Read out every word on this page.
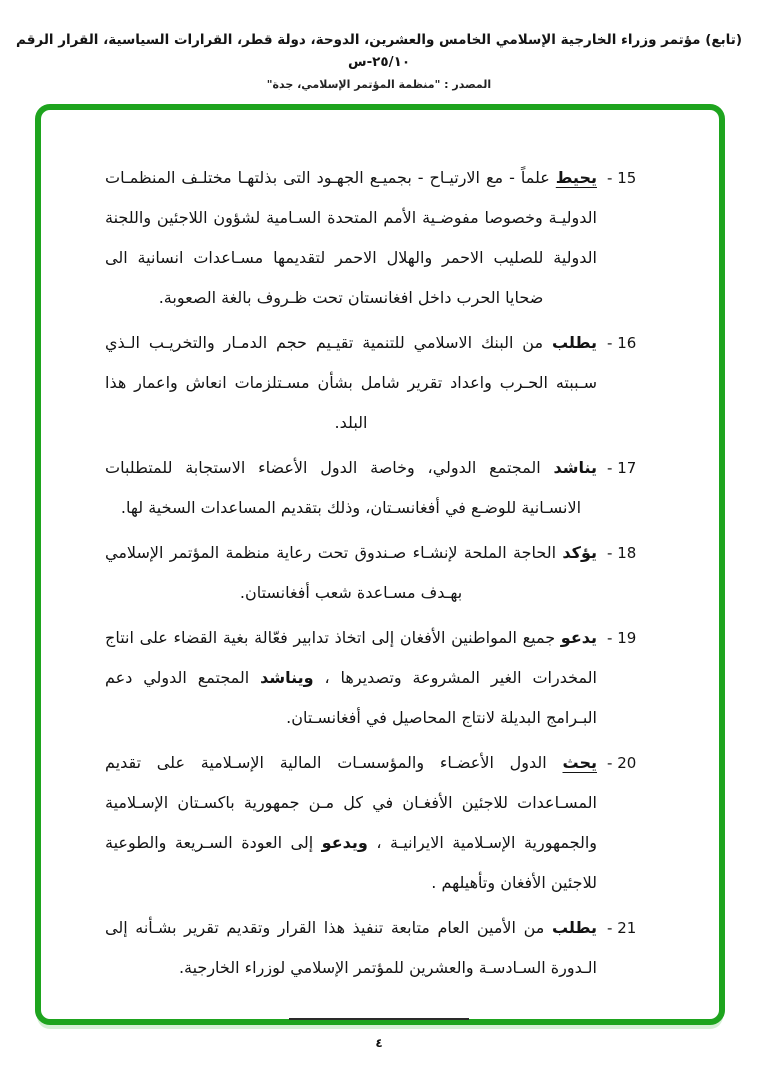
(تابع) مؤتمر وزراء الخارجية الإسلامي الخامس والعشرين، الدوحة، دولة قطر، القرارات السياسية، القرار الرقم ٢٥/١٠-س
المصدر : "منظمة المؤتمر الإسلامي، جدة"
15 -
يحيط علماً - مع الارتيـاح - بجميـع الجهـود التى بذلتهـا مختلـف المنظمـات الدوليـة وخصوصا مفوضـية الأمم المتحدة السـامية لشؤون اللاجئين واللجنة الدولية للصليب الاحمر والهلال الاحمر لتقديمها مسـاعدات انسانية الى ضحايا الحرب داخل افغانستان تحت ظـروف بالغة الصعوبة.
16 -
يطلب من البنك الاسلامي للتنمية تقيـيم حجم الدمـار والتخريـب الـذي سـببته الحـرب واعداد تقرير شامل بشأن مسـتلزمات انعاش واعمار هذا البلد.
17 -
يناشد المجتمع الدولي، وخاصة الدول الأعضاء الاستجابة للمتطلبات الانسـانية للوضـع في أفغانسـتان، وذلك بتقديم المساعدات السخية لها.
18 -
يؤكد الحاجة الملحة لإنشـاء صـندوق تحت رعاية منظمة المؤتمر الإسلامي بهـدف مسـاعدة شعب أفغانستان.
19 -
يدعو جميع المواطنين الأفغان إلى اتخاذ تدابير فعّالة بغية القضاء على انتاج المخدرات الغير المشروعة وتصديرها ، ويناشد المجتمع الدولي دعم البـرامج البديلة لانتاج المحاصيل في أفغانسـتان.
20 -
يحث الدول الأعضـاء والمؤسسـات المالية الإسـلامية على تقديم المسـاعدات للاجئين الأفغـان في كل مـن جمهورية باكسـتان الإسـلامية والجمهورية الإسـلامية الايرانيـة ، ويدعو إلى العودة السـريعة والطوعية للاجئين الأفغان وتأهيلهم .
21 -
يطلب من الأمين العام متابعة تنفيذ هذا القرار وتقديم تقرير بشـأنه إلى الـدورة السـادسـة والعشرين للمؤتمر الإسلامي لوزراء الخارجية.
٤
